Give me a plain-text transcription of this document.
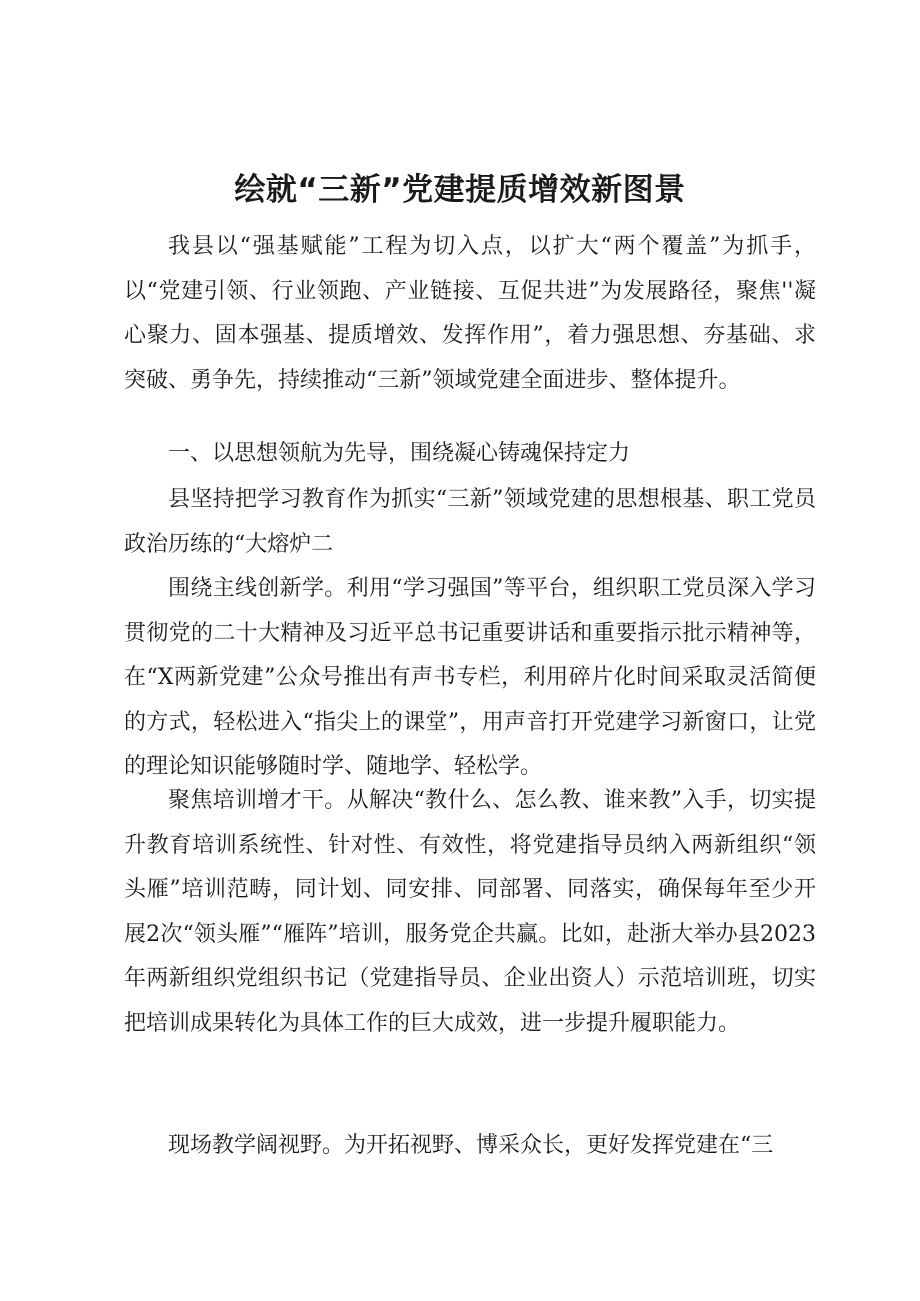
绘就“三新”党建提质增效新图景

我县以“强基赋能”工程为切入点，以扩大“两个覆盖”为抓手，以“党建引领、行业领跑、产业链接、互促共进”为发展路径，聚焦''凝心聚力、固本强基、提质增效、发挥作用”，着力强思想、夯基础、求突破、勇争先，持续推动“三新”领域党建全面进步、整体提升。

一、以思想领航为先导，围绕凝心铸魂保持定力

县坚持把学习教育作为抓实“三新”领域党建的思想根基、职工党员政治历练的“大熔炉二

围绕主线创新学。利用“学习强国”等平台，组织职工党员深入学习贯彻党的二十大精神及习近平总书记重要讲话和重要指示批示精神等，在“X两新党建”公众号推出有声书专栏，利用碎片化时间采取灵活简便的方式，轻松进入“指尖上的课堂”，用声音打开党建学习新窗口，让党的理论知识能够随时学、随地学、轻松学。

聚焦培训增才干。从解决“教什么、怎么教、谁来教”入手，切实提升教育培训系统性、针对性、有效性，将党建指导员纳入两新组织“领头雁”培训范畴，同计划、同安排、同部署、同落实，确保每年至少开展2次“领头雁”“雁阵”培训，服务党企共赢。比如，赴浙大举办县2023年两新组织党组织书记（党建指导员、企业出资人）示范培训班，切实把培训成果转化为具体工作的巨大成效，进一步提升履职能力。

现场教学阔视野。为开拓视野、博采众长，更好发挥党建在“三
